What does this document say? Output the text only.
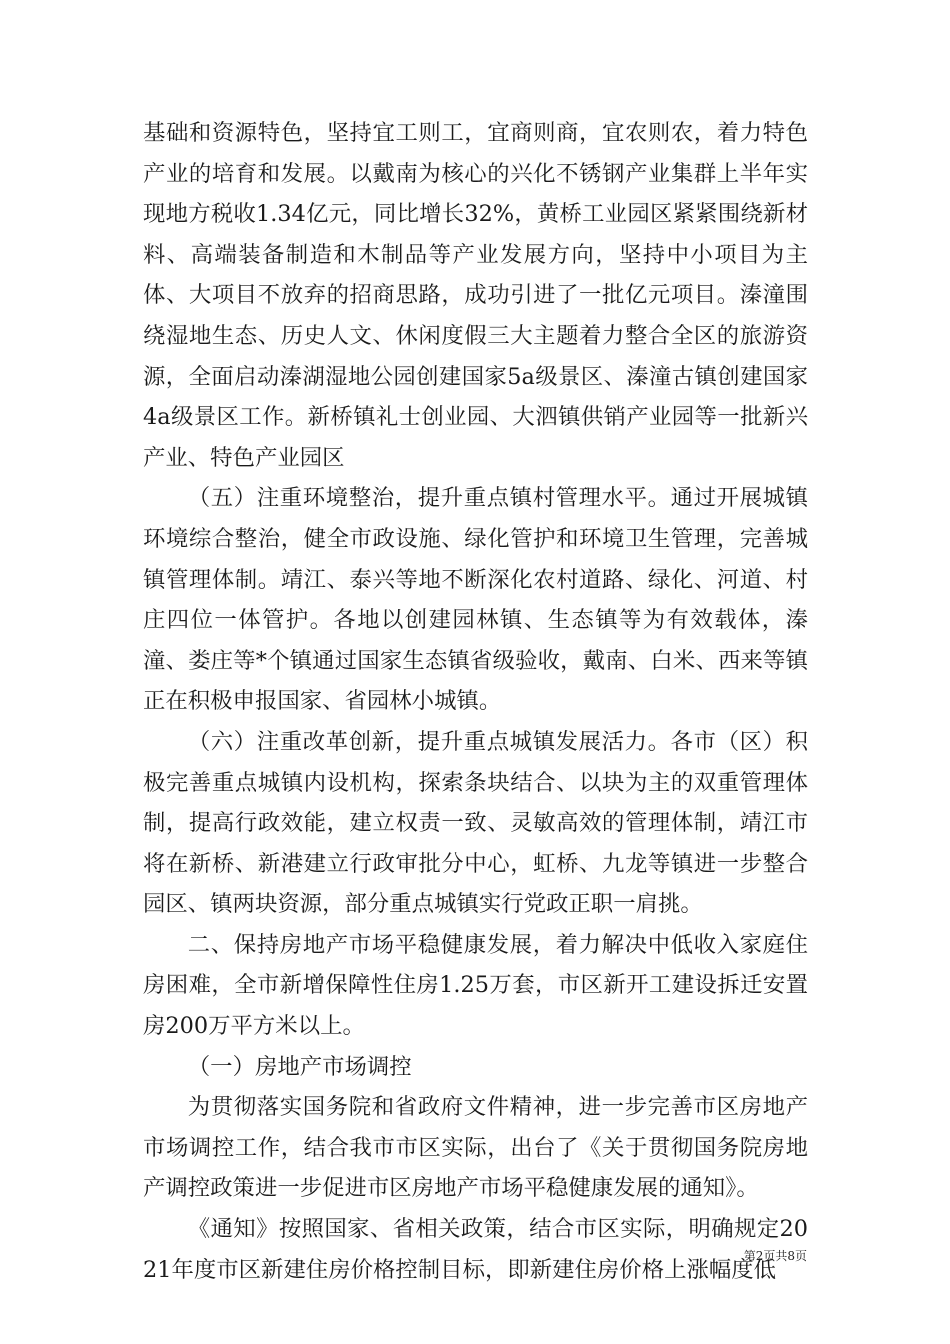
基础和资源特色，坚持宜工则工，宜商则商，宜农则农，着力特色产业的培育和发展。以戴南为核心的兴化不锈钢产业集群上半年实现地方税收1.34亿元，同比增长32%，黄桥工业园区紧紧围绕新材料、高端装备制造和木制品等产业发展方向，坚持中小项目为主体、大项目不放弃的招商思路，成功引进了一批亿元项目。溱潼围绕湿地生态、历史人文、休闲度假三大主题着力整合全区的旅游资源，全面启动溱湖湿地公园创建国家5a级景区、溱潼古镇创建国家4a级景区工作。新桥镇礼士创业园、大泗镇供销产业园等一批新兴产业、特色产业园区

（五）注重环境整治，提升重点镇村管理水平。通过开展城镇环境综合整治，健全市政设施、绿化管护和环境卫生管理，完善城镇管理体制。靖江、泰兴等地不断深化农村道路、绿化、河道、村庄四位一体管护。各地以创建园林镇、生态镇等为有效载体，溱潼、娄庄等*个镇通过国家生态镇省级验收，戴南、白米、西来等镇正在积极申报国家、省园林小城镇。

（六）注重改革创新，提升重点城镇发展活力。各市（区）积极完善重点城镇内设机构，探索条块结合、以块为主的双重管理体制，提高行政效能，建立权责一致、灵敏高效的管理体制，靖江市将在新桥、新港建立行政审批分中心，虹桥、九龙等镇进一步整合园区、镇两块资源，部分重点城镇实行党政正职一肩挑。

二、保持房地产市场平稳健康发展，着力解决中低收入家庭住房困难，全市新增保障性住房1.25万套，市区新开工建设拆迁安置房200万平方米以上。

（一）房地产市场调控

为贯彻落实国务院和省政府文件精神，进一步完善市区房地产市场调控工作，结合我市市区实际，出台了《关于贯彻国务院房地产调控政策进一步促进市区房地产市场平稳健康发展的通知》。

《通知》按照国家、省相关政策，结合市区实际，明确规定2021年度市区新建住房价格控制目标，即新建住房价格上涨幅度低

第2页共8页
